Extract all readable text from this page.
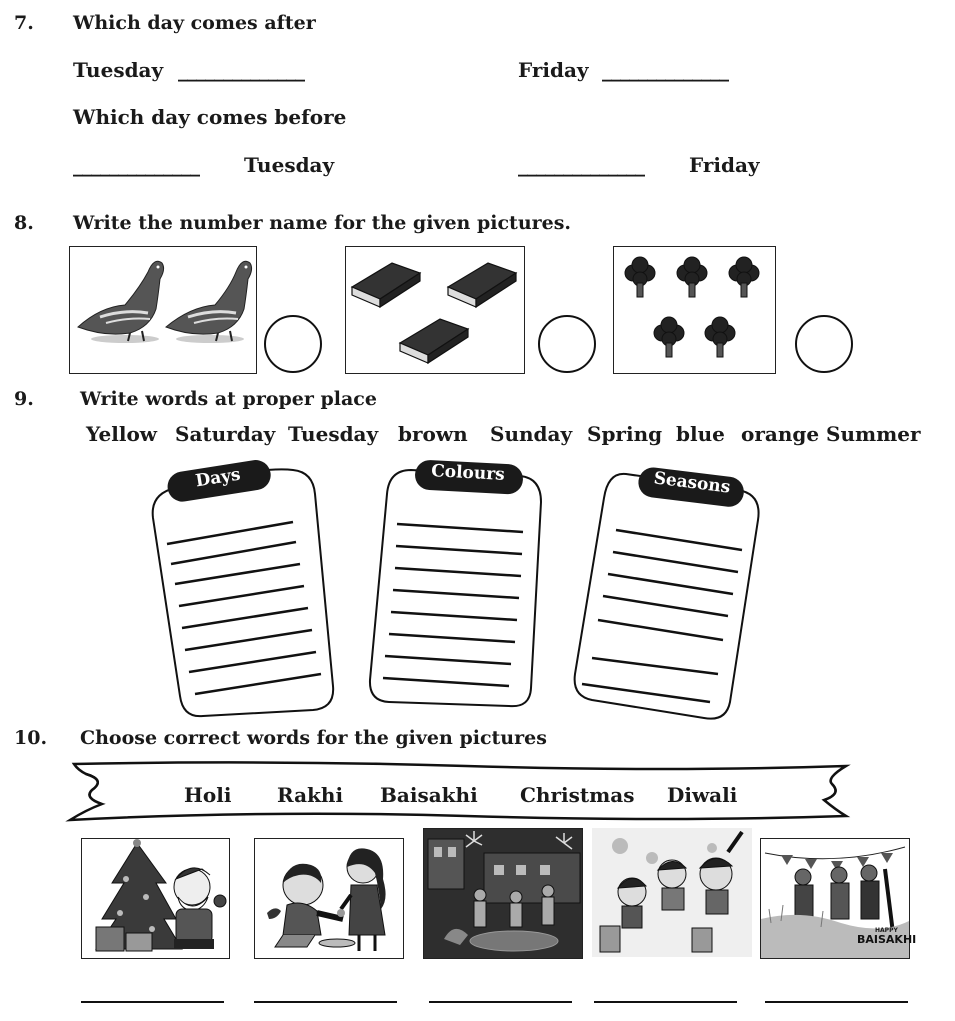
7. Which day comes after
Tuesday ______________	Friday ______________
Which day comes before
______________ Tuesday	______________ Friday
8. Write the number name for the given pictures.
9. Write words at proper place
Yellow Saturday Tuesday brown Sunday Spring blue orange Summer
Days	Colours	Seasons
10. Choose correct words for the given pictures
Holi Rakhi Baisakhi Christmas Diwali
HAPPY
BAISAKHI
